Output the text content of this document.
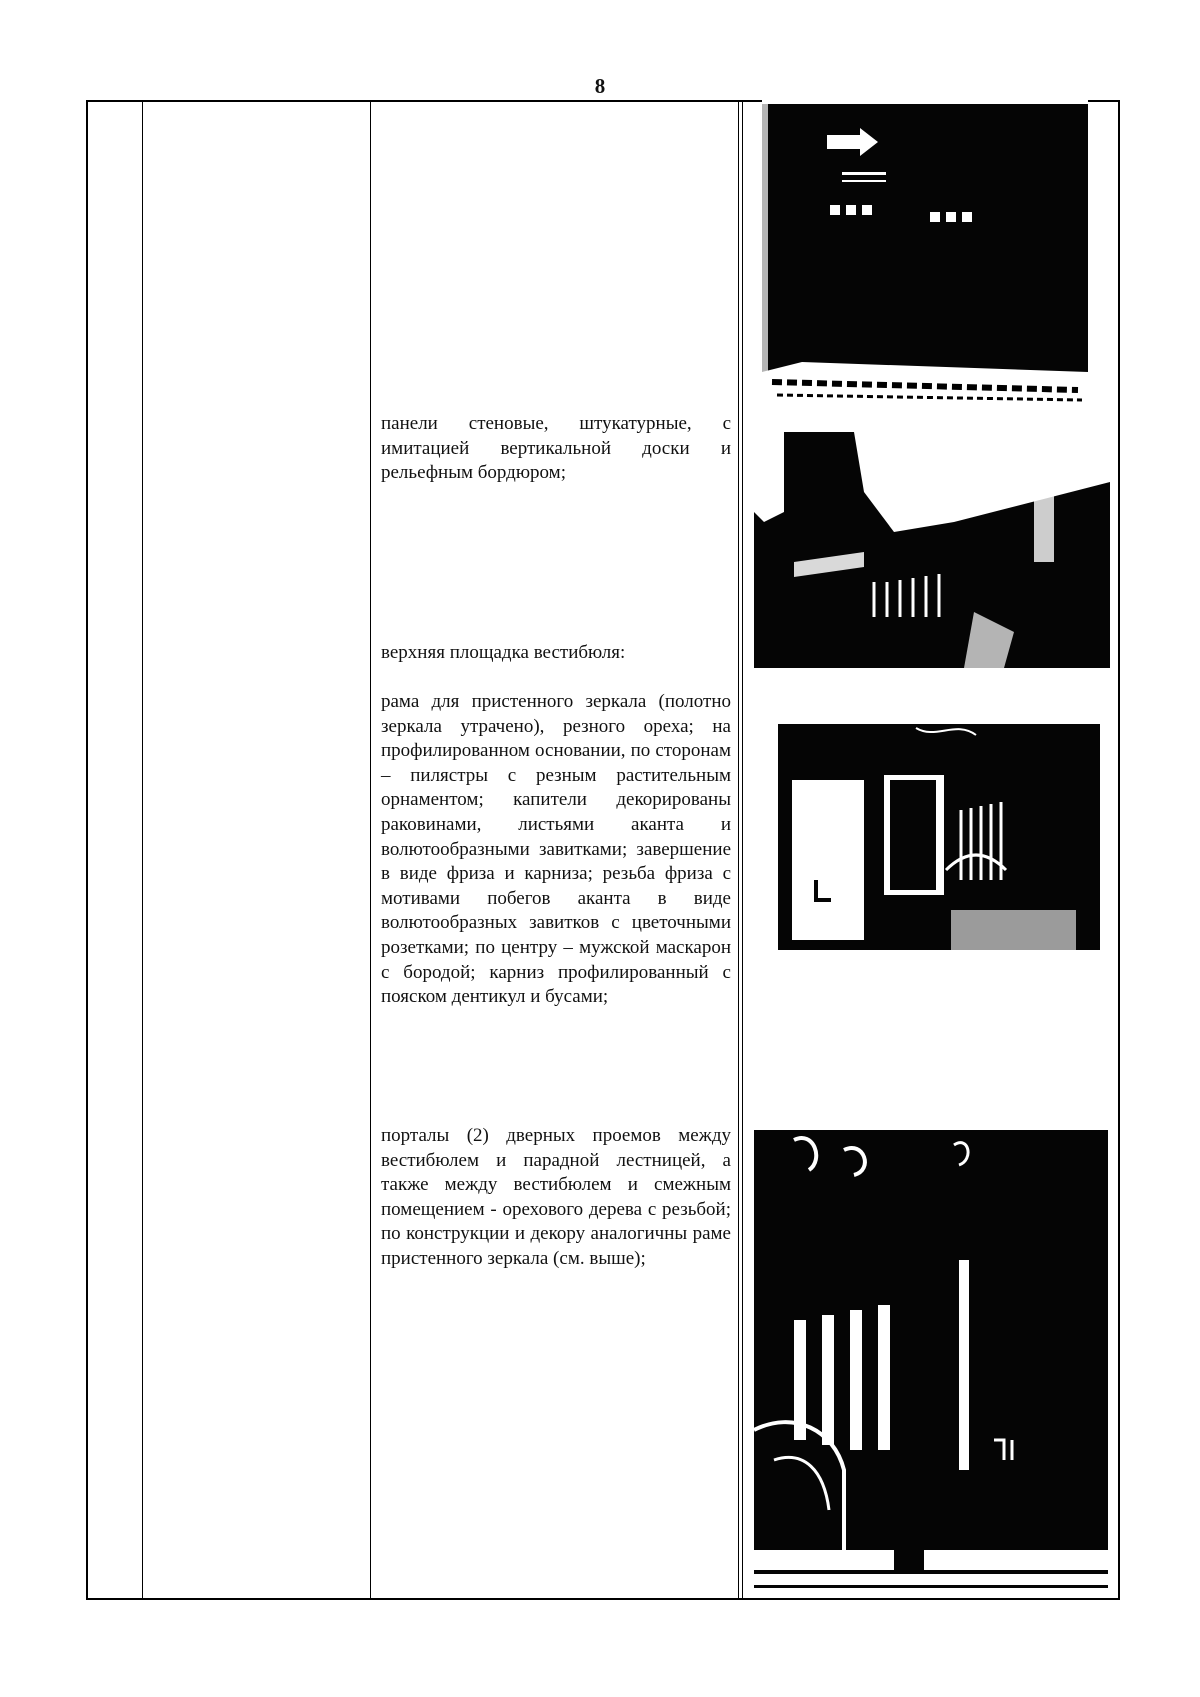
8
панели стеновые, штукатурные, с имитацией вертикальной доски и рельефным бордюром;
верхняя площадка вестибюля:
рама для пристенного зеркала (полотно зеркала утрачено), резного ореха; на профилированном основании, по сторонам – пилястры с резным растительным орнаментом; капители декорированы раковинами, листьями аканта и волютообразными завитками; завершение в виде фриза и карниза; резьба фриза с мотивами побегов аканта в виде волютообразных завитков с цветочными розетками; по центру – мужской маскарон с бородой; карниз профилированный с пояском дентикул и бусами;
порталы (2) дверных проемов между вестибюлем и парадной лестницей, а также между вестибюлем и смежным помещением - орехового дерева с резьбой; по конструкции и декору аналогичны раме пристенного зеркала (см. выше);
